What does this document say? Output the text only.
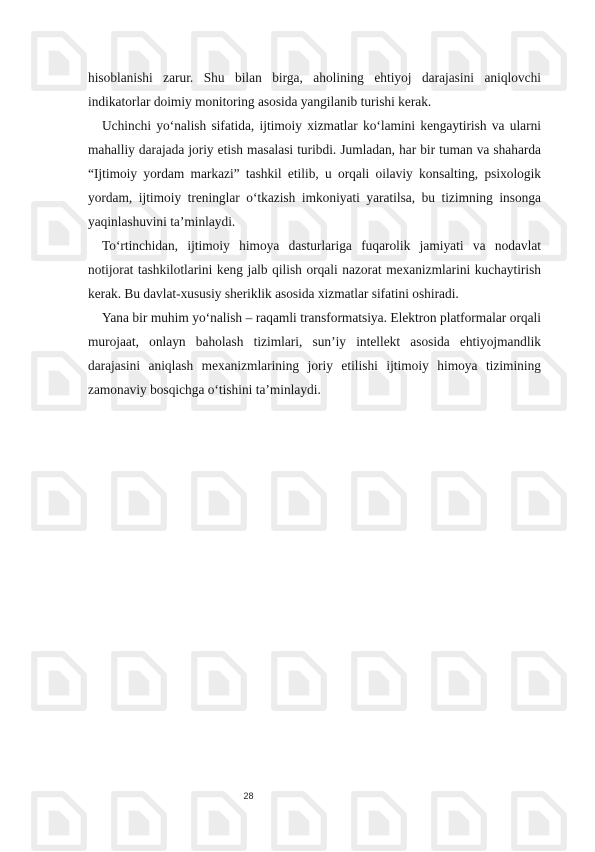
hisoblanishi zarur. Shu bilan birga, aholining ehtiyoj darajasini aniqlovchi indikatorlar doimiy monitoring asosida yangilanib turishi kerak.

Uchinchi yo‘nalish sifatida, ijtimoiy xizmatlar ko‘lamini kengaytirish va ularni mahalliy darajada joriy etish masalasi turibdi. Jumladan, har bir tuman va shaharda “Ijtimoiy yordam markazi” tashkil etilib, u orqali oilaviy konsalting, psixologik yordam, ijtimoiy treninglar o‘tkazish imkoniyati yaratilsa, bu tizimning insonga yaqinlashuvini ta’minlaydi.

To‘rtinchidan, ijtimoiy himoya dasturlariga fuqarolik jamiyati va nodavlat notijorat tashkilotlarini keng jalb qilish orqali nazorat mexanizmlarini kuchaytirish kerak. Bu davlat-xususiy sheriklik asosida xizmatlar sifatini oshiradi.

Yana bir muhim yo‘nalish – raqamli transformatsiya. Elektron platformalar orqali murojaat, onlayn baholash tizimlari, sun’iy intellekt asosida ehtiyojmandlik darajasini aniqlash mexanizmlarining joriy etilishi ijtimoiy himoya tizimining zamonaviy bosqichga o‘tishini ta’minlaydi.

28
